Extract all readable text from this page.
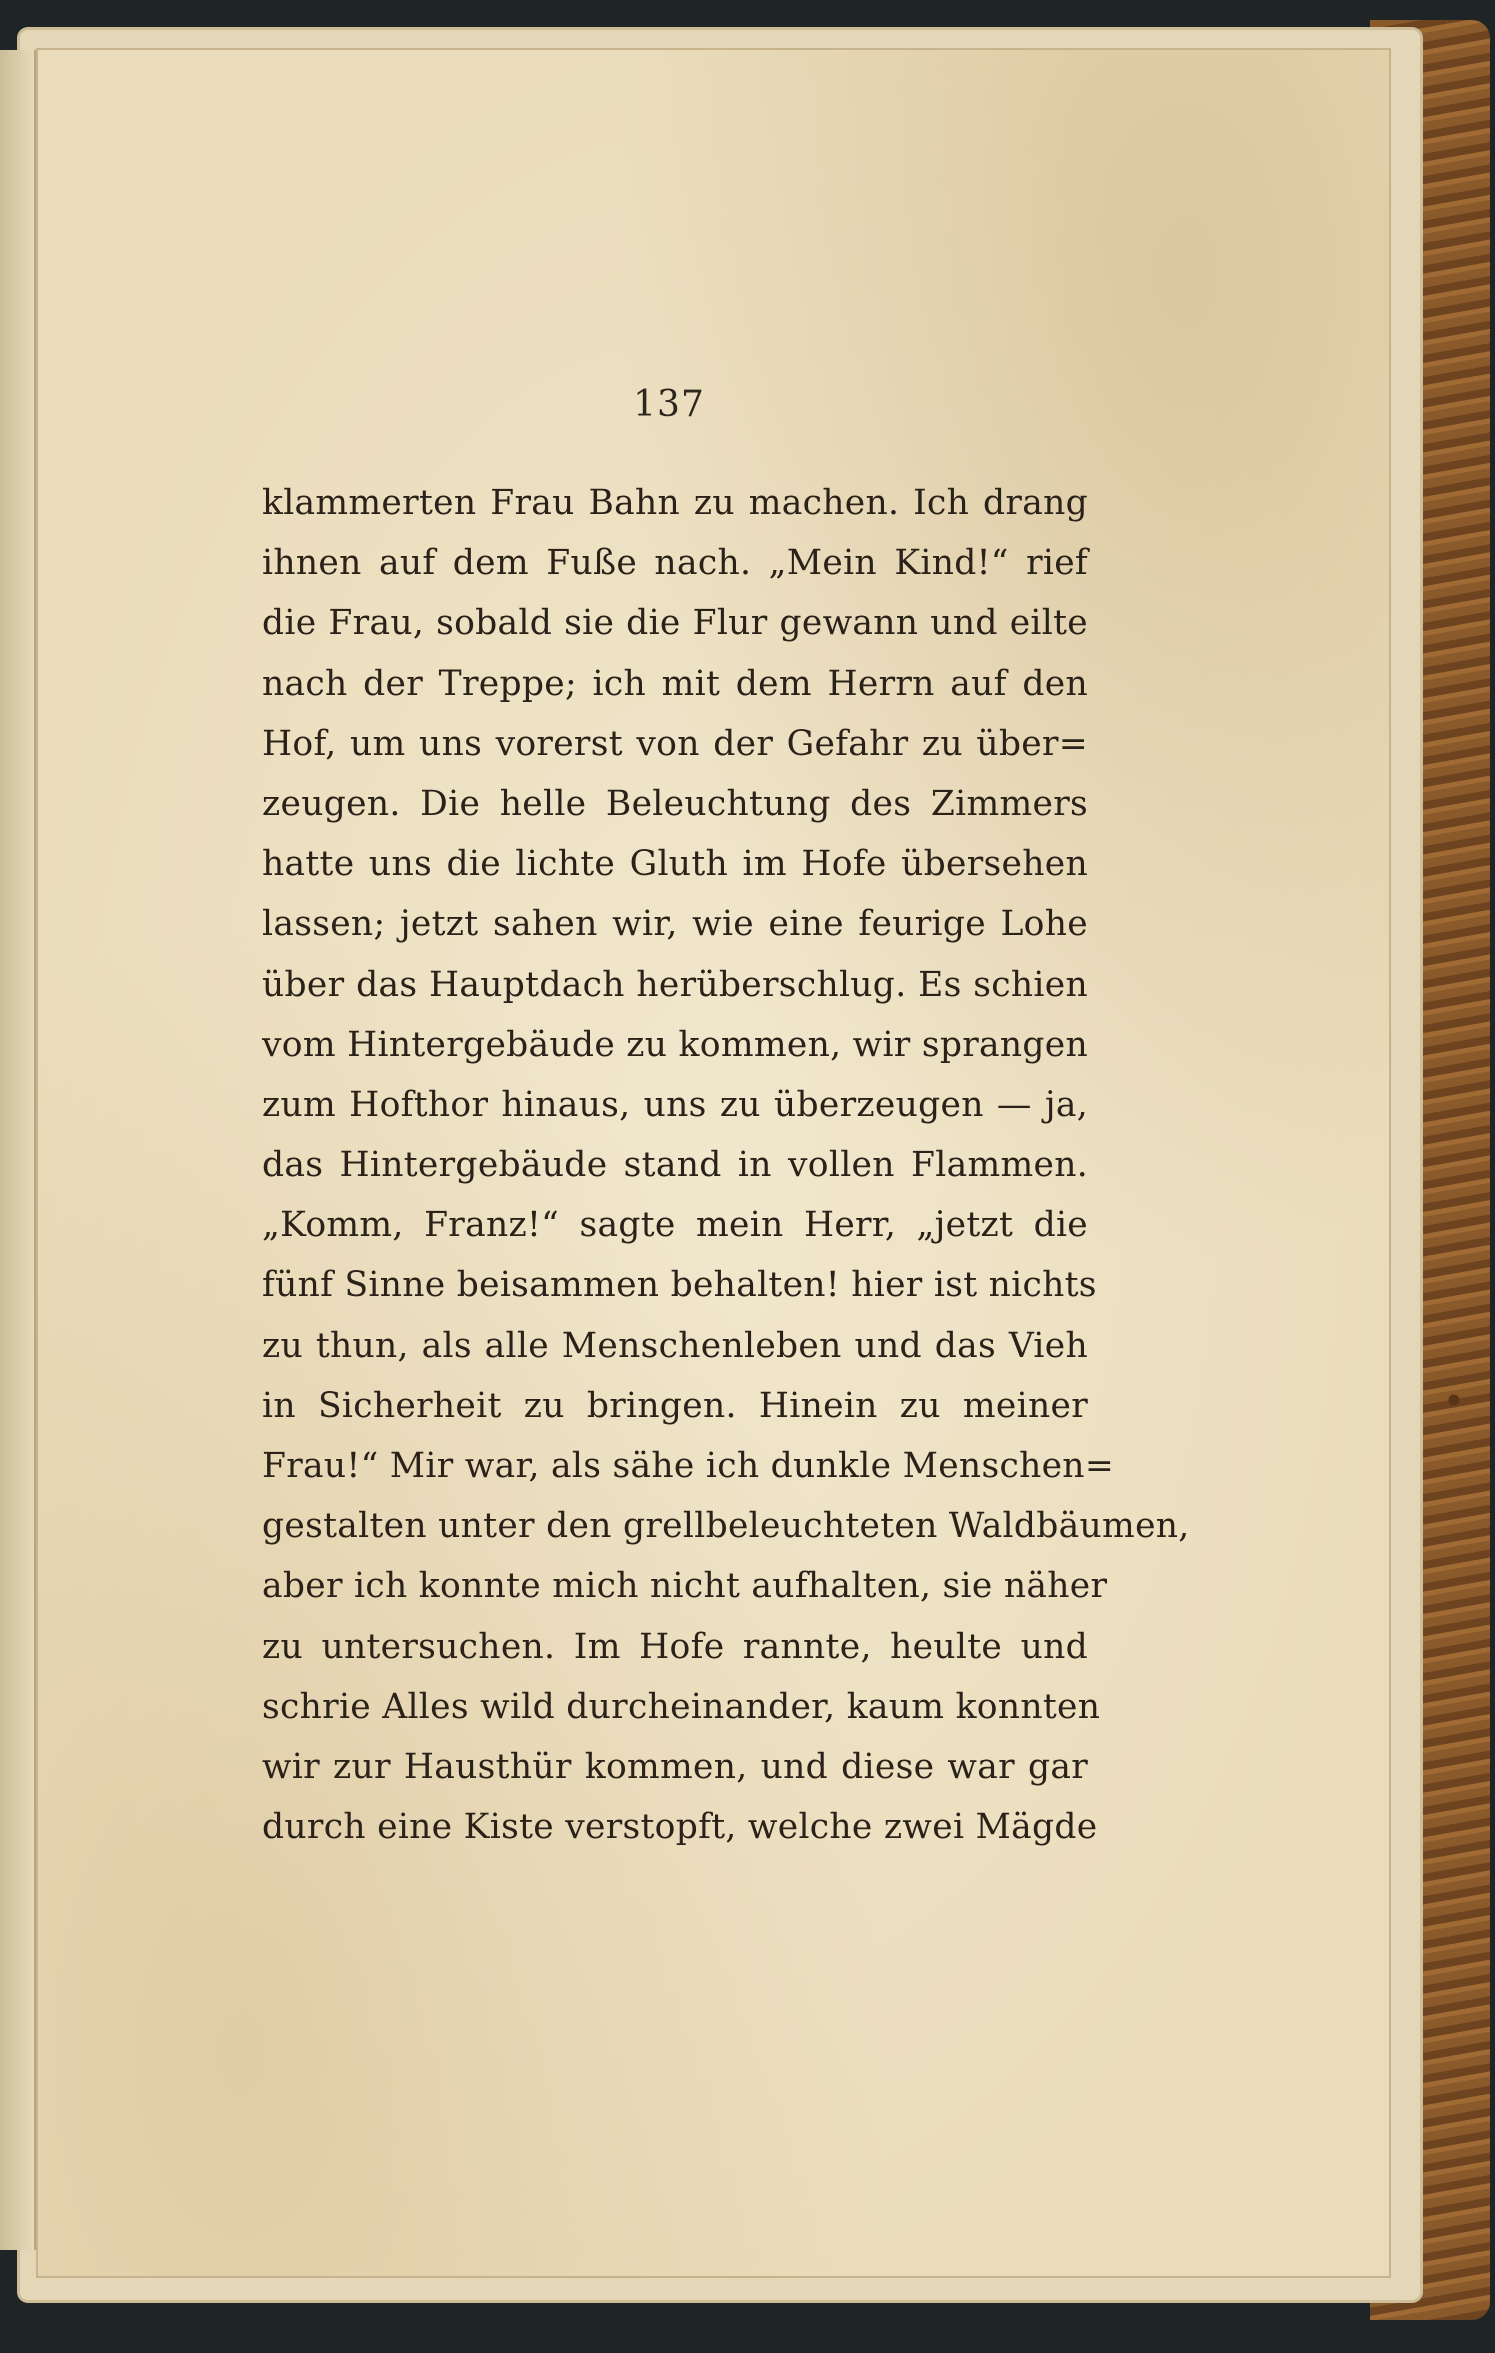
137
klammerten Frau Bahn zu machen. Ich drang
ihnen auf dem Fuße nach. „Mein Kind!“ rief
die Frau, sobald sie die Flur gewann und eilte
nach der Treppe; ich mit dem Herrn auf den
Hof, um uns vorerst von der Gefahr zu über=
zeugen. Die helle Beleuchtung des Zimmers
hatte uns die lichte Gluth im Hofe übersehen
lassen; jetzt sahen wir, wie eine feurige Lohe
über das Hauptdach herüberschlug. Es schien
vom Hintergebäude zu kommen, wir sprangen
zum Hofthor hinaus, uns zu überzeugen — ja,
das Hintergebäude stand in vollen Flammen.
„Komm, Franz!“ sagte mein Herr, „jetzt die
fünf Sinne beisammen behalten! hier ist nichts
zu thun, als alle Menschenleben und das Vieh
in Sicherheit zu bringen. Hinein zu meiner
Frau!“ Mir war, als sähe ich dunkle Menschen=
gestalten unter den grellbeleuchteten Waldbäumen,
aber ich konnte mich nicht aufhalten, sie näher
zu untersuchen. Im Hofe rannte, heulte und
schrie Alles wild durcheinander, kaum konnten
wir zur Hausthür kommen, und diese war gar
durch eine Kiste verstopft, welche zwei Mägde
